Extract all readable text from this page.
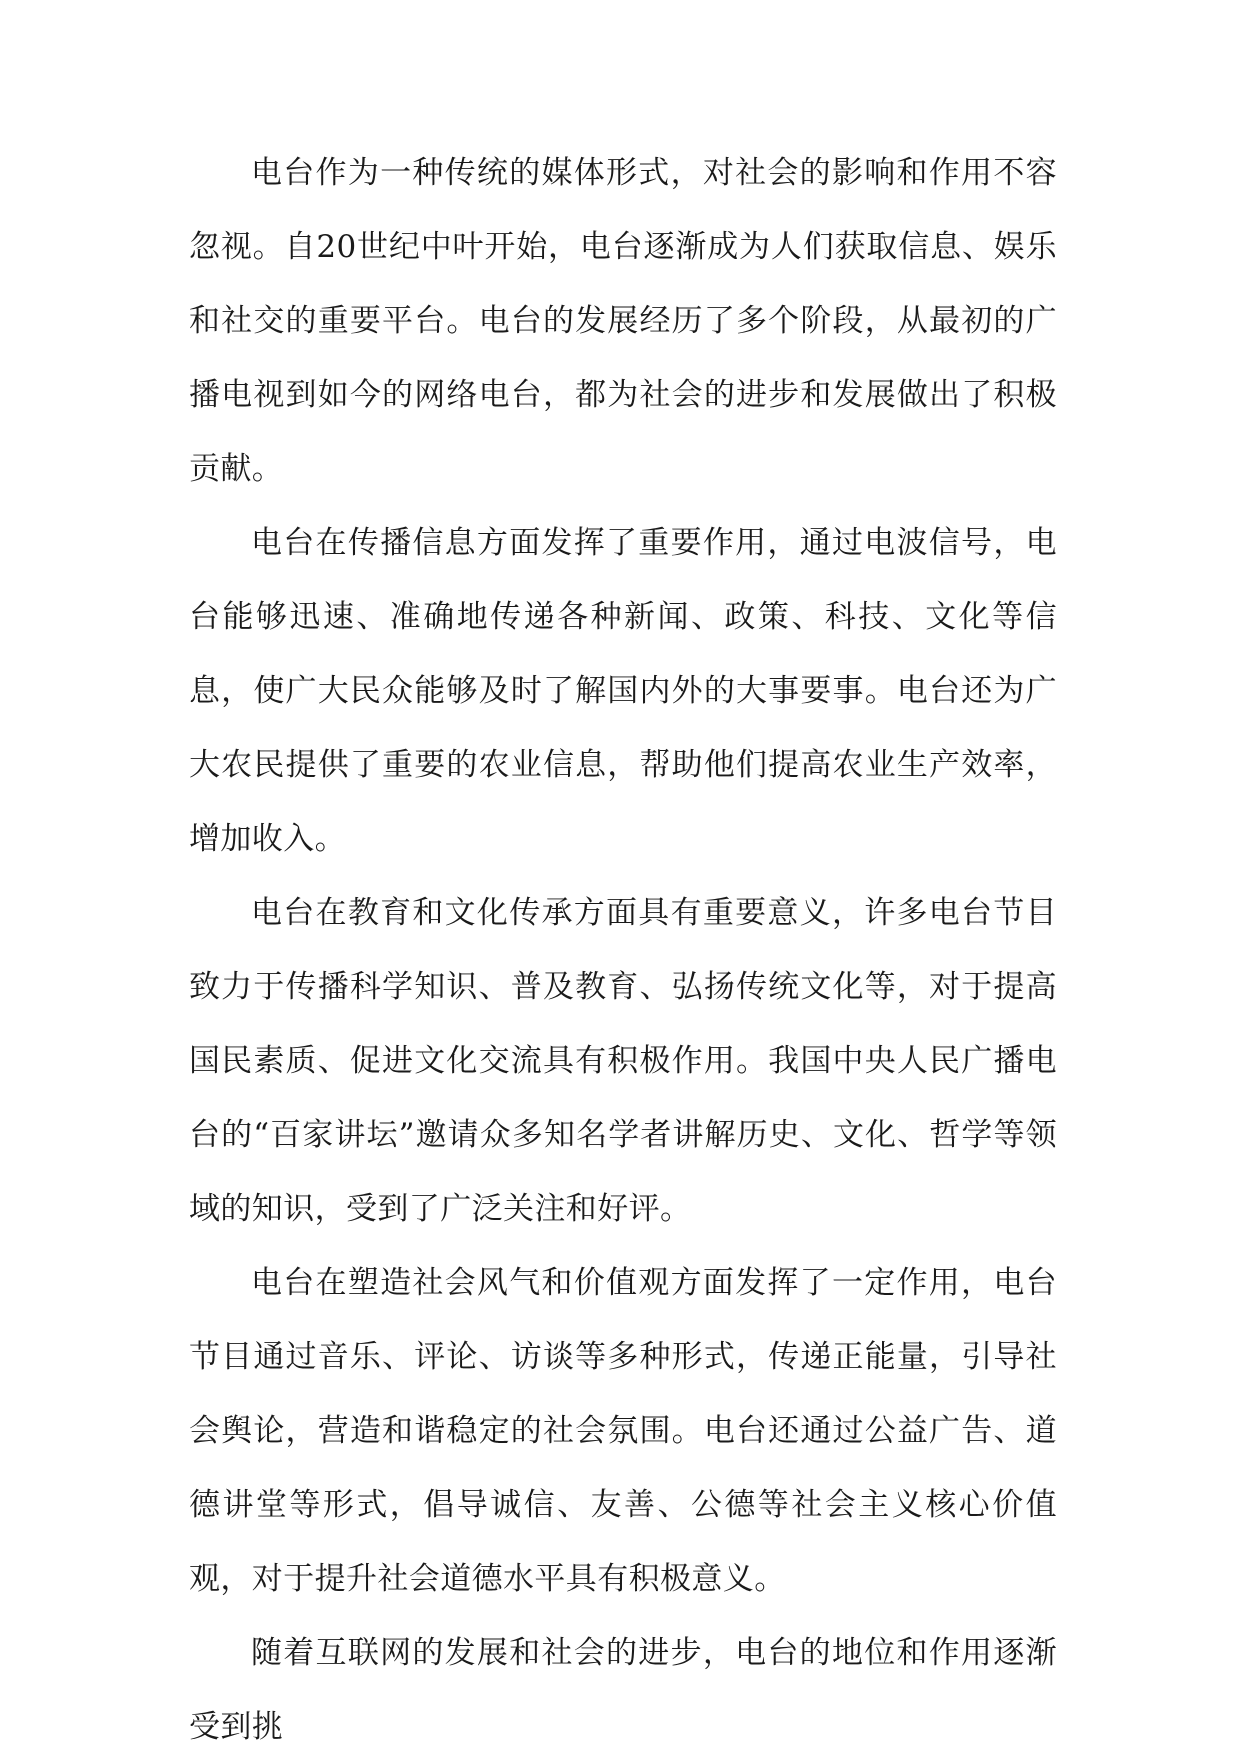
电台作为一种传统的媒体形式，对社会的影响和作用不容忽视。自20世纪中叶开始，电台逐渐成为人们获取信息、娱乐和社交的重要平台。电台的发展经历了多个阶段，从最初的广播电视到如今的网络电台，都为社会的进步和发展做出了积极贡献。

电台在传播信息方面发挥了重要作用，通过电波信号，电台能够迅速、准确地传递各种新闻、政策、科技、文化等信息，使广大民众能够及时了解国内外的大事要事。电台还为广大农民提供了重要的农业信息，帮助他们提高农业生产效率，增加收入。

电台在教育和文化传承方面具有重要意义，许多电台节目致力于传播科学知识、普及教育、弘扬传统文化等，对于提高国民素质、促进文化交流具有积极作用。我国中央人民广播电台的“百家讲坛”邀请众多知名学者讲解历史、文化、哲学等领域的知识，受到了广泛关注和好评。

电台在塑造社会风气和价值观方面发挥了一定作用，电台节目通过音乐、评论、访谈等多种形式，传递正能量，引导社会舆论，营造和谐稳定的社会氛围。电台还通过公益广告、道德讲堂等形式，倡导诚信、友善、公德等社会主义核心价值观，对于提升社会道德水平具有积极意义。

随着互联网的发展和社会的进步，电台的地位和作用逐渐受到挑
